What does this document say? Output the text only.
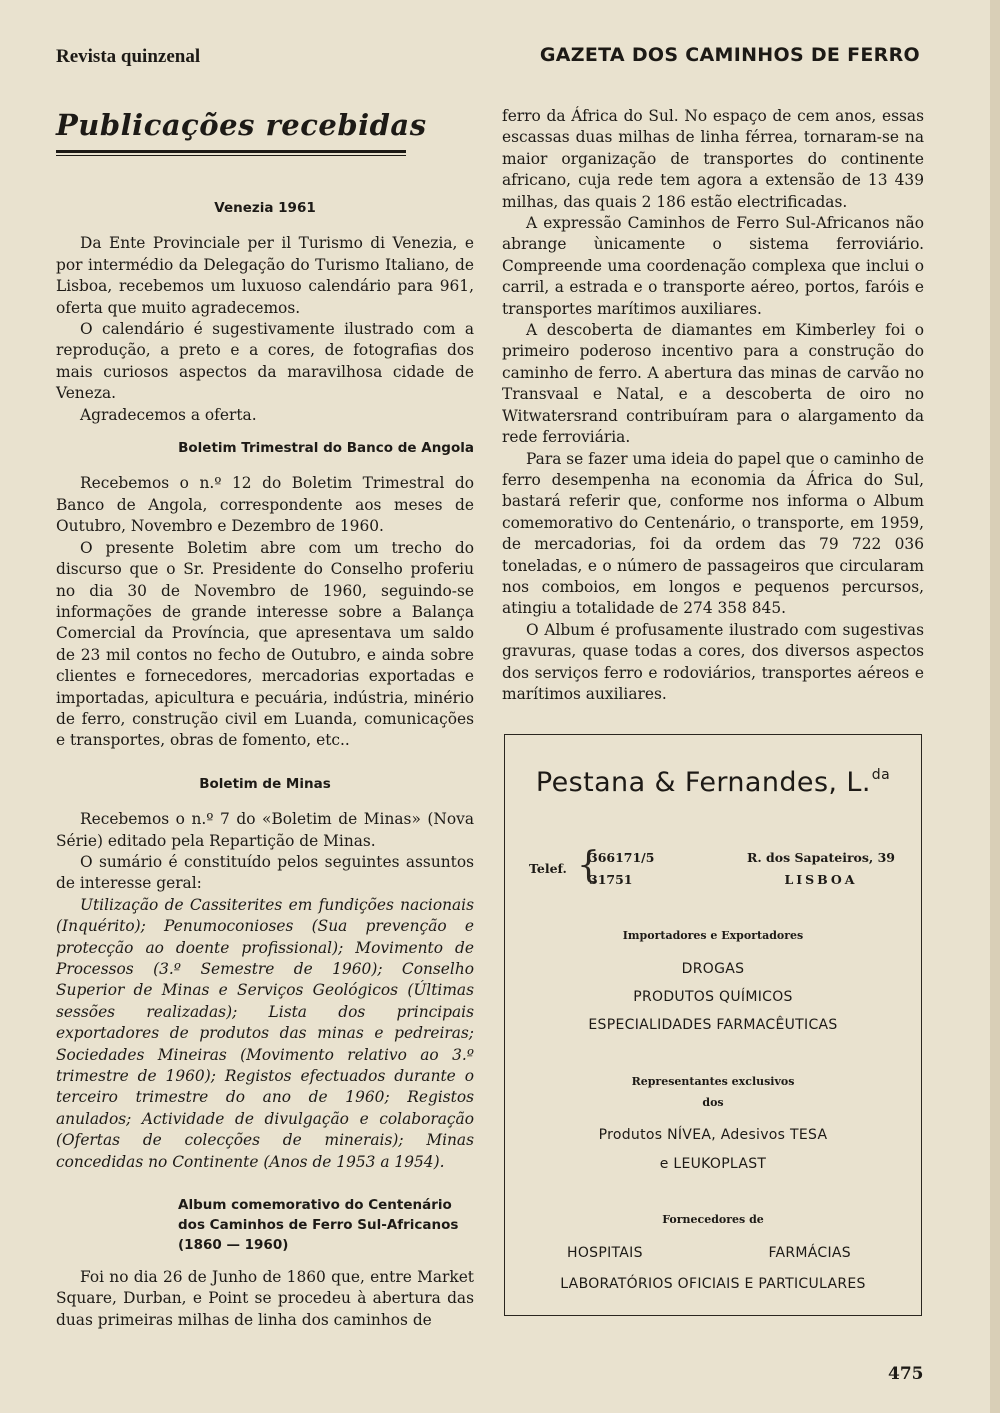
Revista quinzenal	GAZETA DOS CAMINHOS DE FERRO
Publicações recebidas
Venezia 1961

Da Ente Provinciale per il Turismo di Venezia, e por intermédio da Delegação do Turismo Italiano, de Lisboa, recebemos um luxuoso calendário para 961, oferta que muito agradecemos.

O calendário é sugestivamente ilustrado com a reprodução, a preto e a cores, de fotografias dos mais curiosos aspectos da maravilhosa cidade de Veneza.

Agradecemos a oferta.

Boletim Trimestral do Banco de Angola

Recebemos o n.º 12 do Boletim Trimestral do Banco de Angola, correspondente aos meses de Outubro, Novembro e Dezembro de 1960.

O presente Boletim abre com um trecho do discurso que o Sr. Presidente do Conselho proferiu no dia 30 de Novembro de 1960, seguindo-se informações de grande interesse sobre a Balança Comercial da Província, que apresentava um saldo de 23 mil contos no fecho de Outubro, e ainda sobre clientes e fornecedores, mercadorias exportadas e importadas, apicultura e pecuária, indústria, minério de ferro, construção civil em Luanda, comunicações e transportes, obras de fomento, etc..

Boletim de Minas

Recebemos o n.º 7 do «Boletim de Minas» (Nova Série) editado pela Repartição de Minas.

O sumário é constituído pelos seguintes assuntos de interesse geral:

Utilização de Cassiterites em fundições nacionais (Inquérito); Penumoconioses (Sua prevenção e protecção ao doente profissional); Movimento de Processos (3.º Semestre de 1960); Conselho Superior de Minas e Serviços Geológicos (Últimas sessões realizadas); Lista dos principais exportadores de produtos das minas e pedreiras; Sociedades Mineiras (Movimento relativo ao 3.º trimestre de 1960); Registos efectuados durante o terceiro trimestre do ano de 1960; Registos anulados; Actividade de divulgação e colaboração (Ofertas de colecções de minerais); Minas concedidas no Continente (Anos de 1953 a 1954).

Album comemorativo do Centenário
dos Caminhos de Ferro Sul-Africanos
(1860 — 1960)

Foi no dia 26 de Junho de 1860 que, entre Market Square, Durban, e Point se procedeu à abertura das duas primeiras milhas de linha dos caminhos de

ferro da África do Sul. No espaço de cem anos, essas escassas duas milhas de linha férrea, tornaram-se na maior organização de transportes do continente africano, cuja rede tem agora a extensão de 13 439 milhas, das quais 2 186 estão electrificadas.

A expressão Caminhos de Ferro Sul-Africanos não abrange ùnicamente o sistema ferroviário. Compreende uma coordenação complexa que inclui o carril, a estrada e o transporte aéreo, portos, faróis e transportes marítimos auxiliares.

A descoberta de diamantes em Kimberley foi o primeiro poderoso incentivo para a construção do caminho de ferro. A abertura das minas de carvão no Transvaal e Natal, e a descoberta de oiro no Witwatersrand contribuíram para o alargamento da rede ferroviária.

Para se fazer uma ideia do papel que o caminho de ferro desempenha na economia da África do Sul, bastará referir que, conforme nos informa o Album comemorativo do Centenário, o transporte, em 1959, de mercadorias, foi da ordem das 79 722 036 toneladas, e o número de passageiros que circularam nos comboios, em longos e pequenos percursos, atingiu a totalidade de 274 358 845.

O Album é profusamente ilustrado com sugestivas gravuras, quase todas a cores, dos diversos aspectos dos serviços ferro e rodoviários, transportes aéreos e marítimos auxiliares.

Pestana & Fernandes, L.$^{da}$
Telef. {
366171/5
31751
R. dos Sapateiros, 39
LISBOA
Importadores e Exportadores
DROGAS
PRODUTOS QUÍMICOS
ESPECIALIDADES FARMACÊUTICAS
Representantes exclusivos
dos
Produtos NÍVEA, Adesivos TESA
e LEUKOPLAST
Fornecedores de
HOSPITAIS	FARMÁCIAS
LABORATÓRIOS OFICIAIS E PARTICULARES
475
